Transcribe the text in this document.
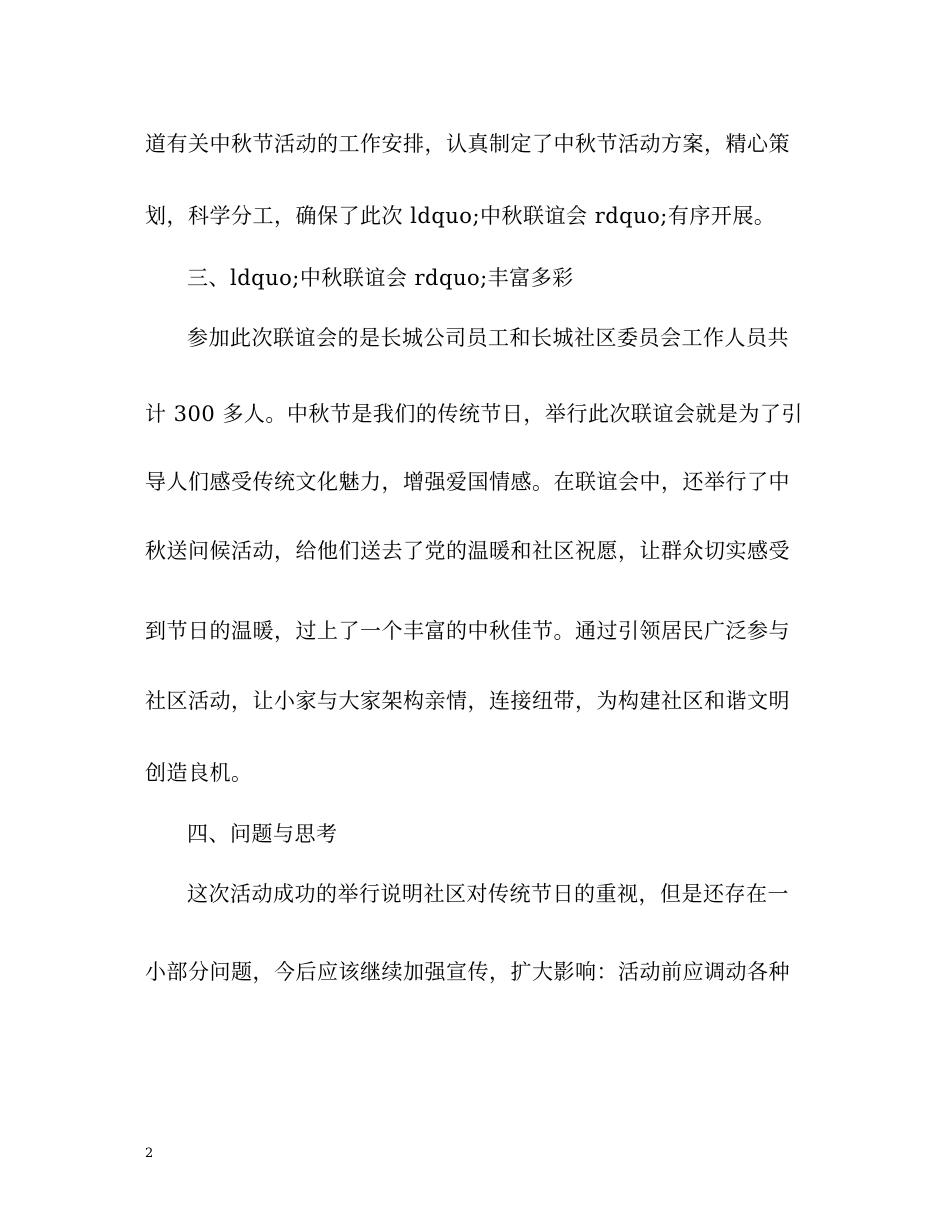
道有关中秋节活动的工作安排，认真制定了中秋节活动方案，精心策
划，科学分工，确保了此次 ldquo;中秋联谊会 rdquo;有序开展。
三、ldquo;中秋联谊会 rdquo;丰富多彩
参加此次联谊会的是长城公司员工和长城社区委员会工作人员共
计 300 多人。中秋节是我们的传统节日，举行此次联谊会就是为了引
导人们感受传统文化魅力，增强爱国情感。在联谊会中，还举行了中
秋送问候活动，给他们送去了党的温暖和社区祝愿，让群众切实感受
到节日的温暖，过上了一个丰富的中秋佳节。通过引领居民广泛参与
社区活动，让小家与大家架构亲情，连接纽带，为构建社区和谐文明
创造良机。
四、问题与思考
这次活动成功的举行说明社区对传统节日的重视，但是还存在一
小部分问题，今后应该继续加强宣传，扩大影响：活动前应调动各种
2
